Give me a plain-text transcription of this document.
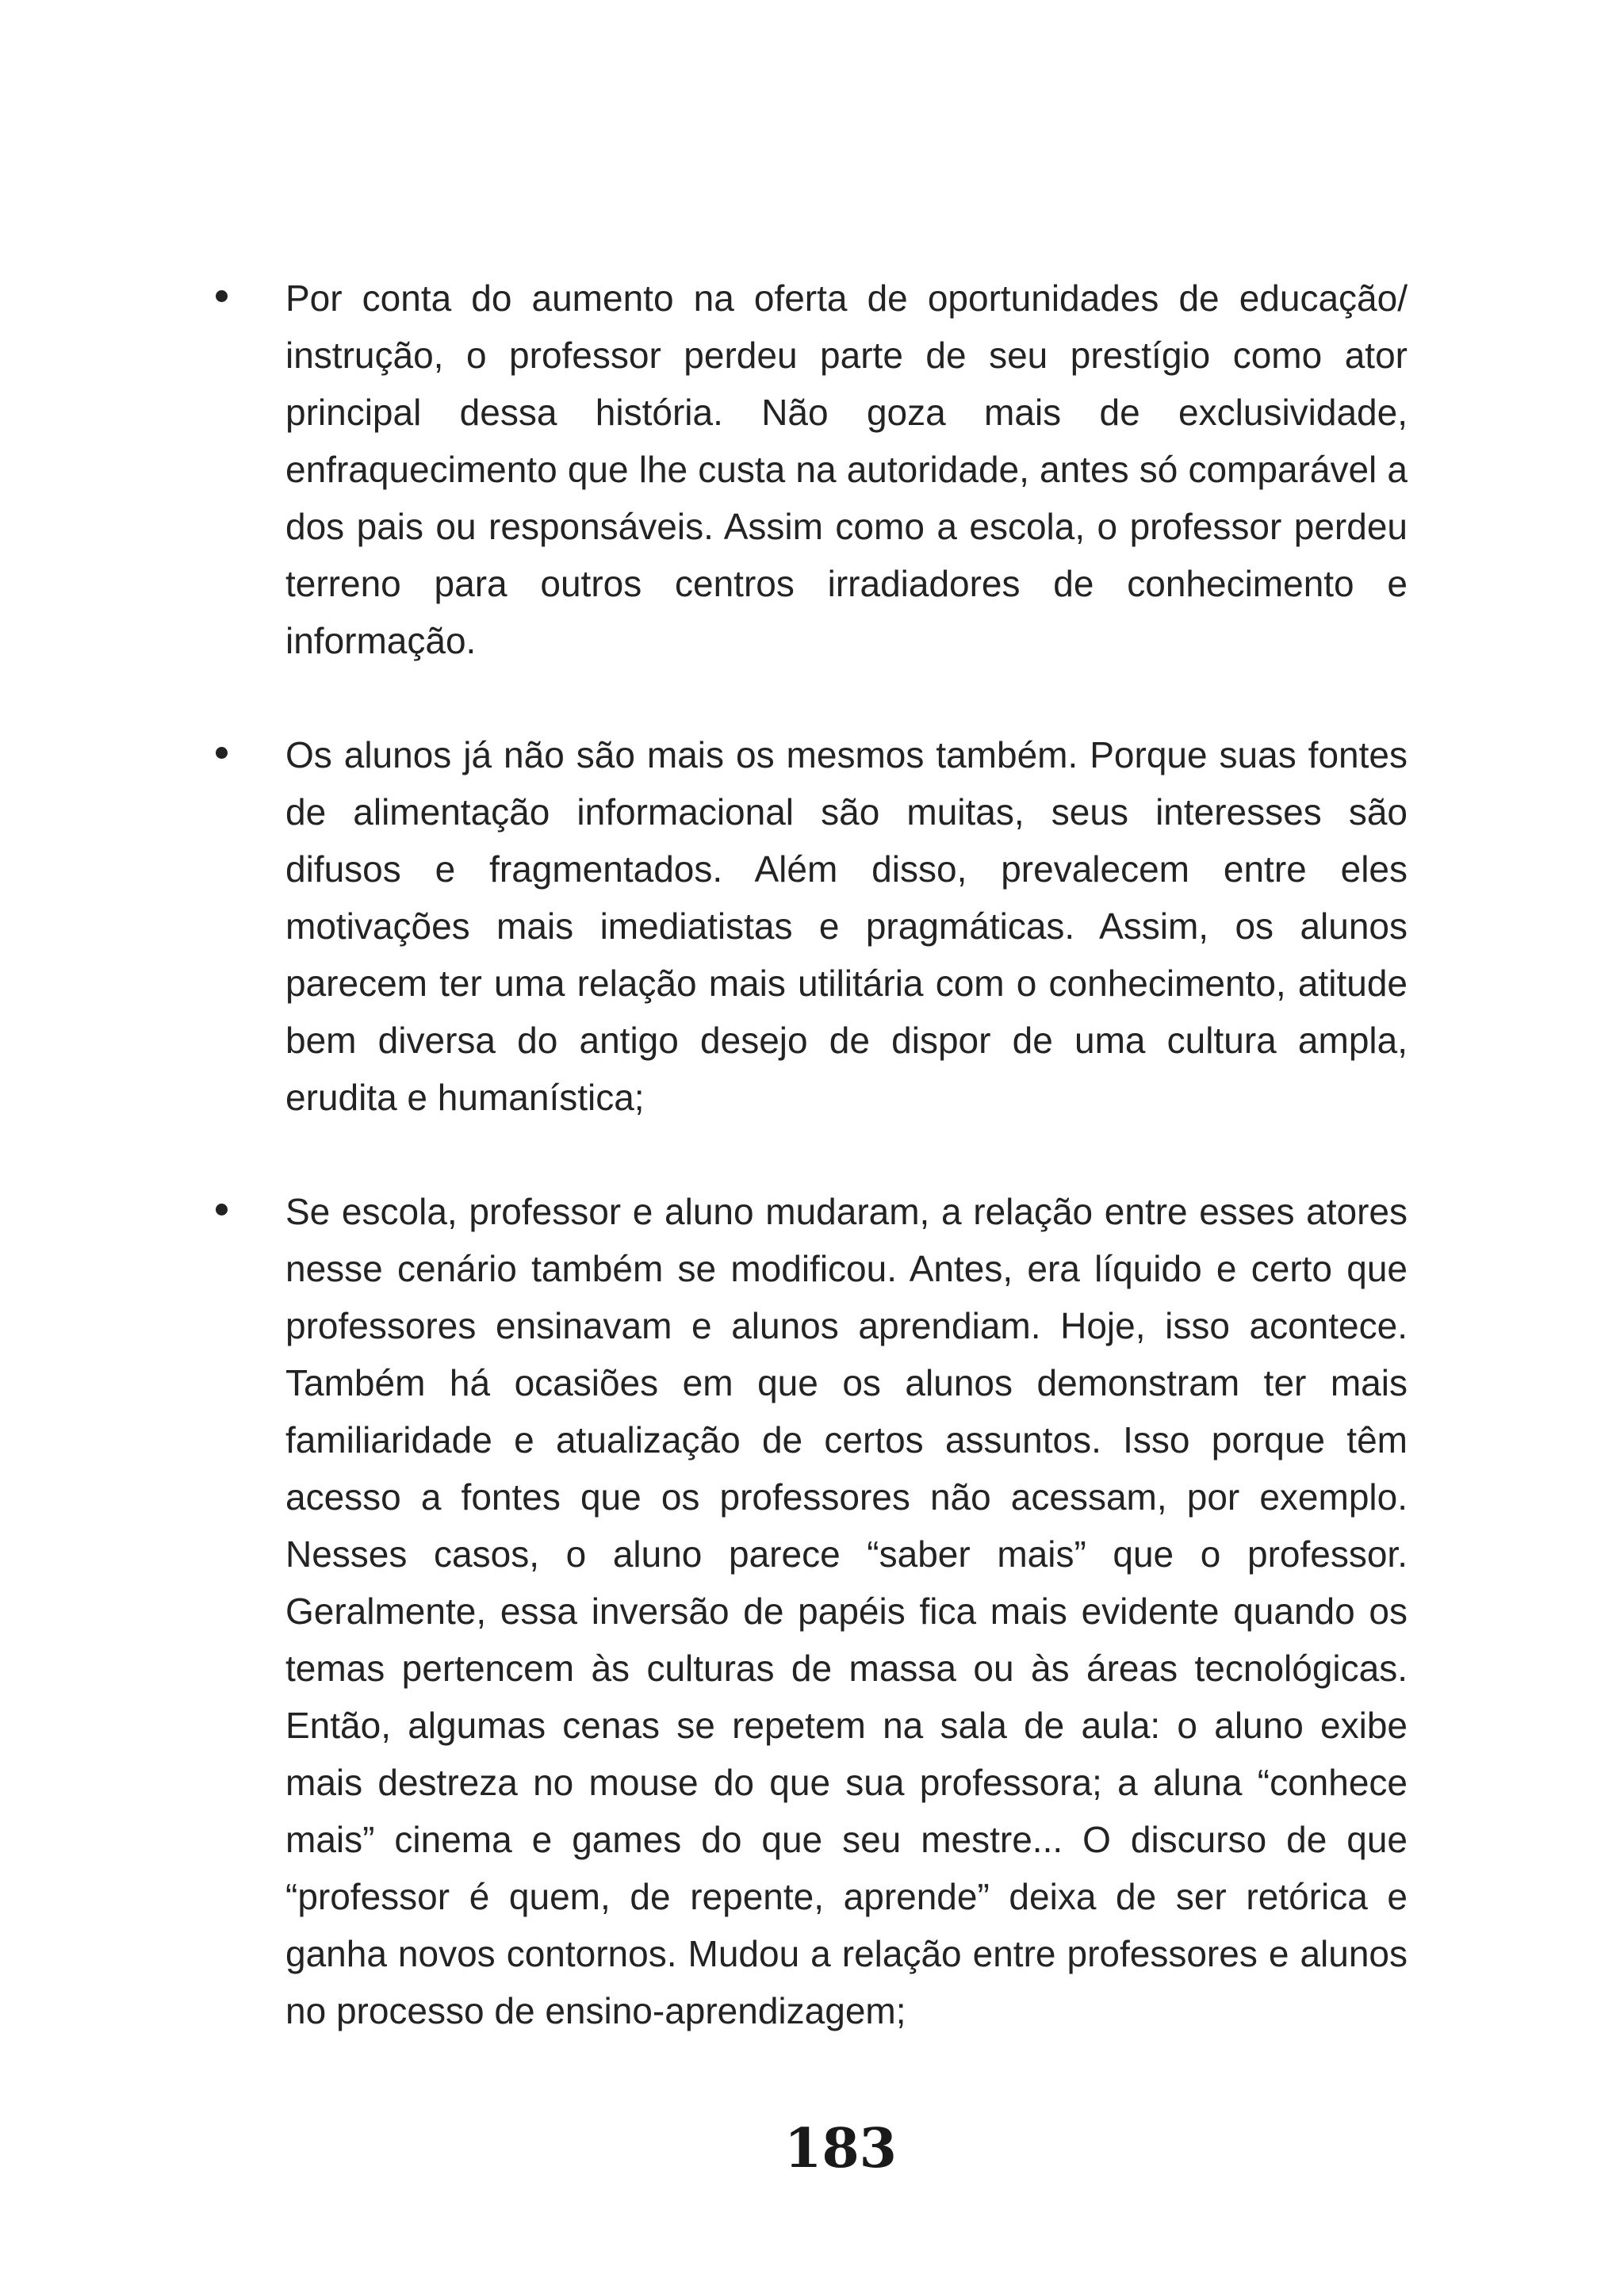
Por conta do aumento na oferta de oportunidades de educação/ instrução, o professor perdeu parte de seu prestígio como ator principal dessa história. Não goza mais de exclusividade, enfraquecimento que lhe custa na autoridade, antes só comparável a dos pais ou responsáveis. Assim como a escola, o professor perdeu terreno para outros centros irradiadores de conhecimento e informação.

Os alunos já não são mais os mesmos também. Porque suas fontes de alimentação informacional são muitas, seus interesses são difusos e fragmentados. Além disso, prevalecem entre eles motivações mais imediatistas e pragmáticas. Assim, os alunos parecem ter uma relação mais utilitária com o conhecimento, atitude bem diversa do antigo desejo de dispor de uma cultura ampla, erudita e humanística;

Se escola, professor e aluno mudaram, a relação entre esses atores nesse cenário também se modificou. Antes, era líquido e certo que professores ensinavam e alunos aprendiam. Hoje, isso acontece. Também há ocasiões em que os alunos demonstram ter mais familiaridade e atualização de certos assuntos. Isso porque têm acesso a fontes que os professores não acessam, por exemplo. Nesses casos, o aluno parece “saber mais” que o professor. Geralmente, essa inversão de papéis fica mais evidente quando os temas pertencem às culturas de massa ou às áreas tecnológicas. Então, algumas cenas se repetem na sala de aula: o aluno exibe mais destreza no mouse do que sua professora; a aluna “conhece mais” cinema e games do que seu mestre... O discurso de que “professor é quem, de repente, aprende” deixa de ser retórica e ganha novos contornos. Mudou a relação entre professores e alunos no processo de ensino-aprendizagem;

183
